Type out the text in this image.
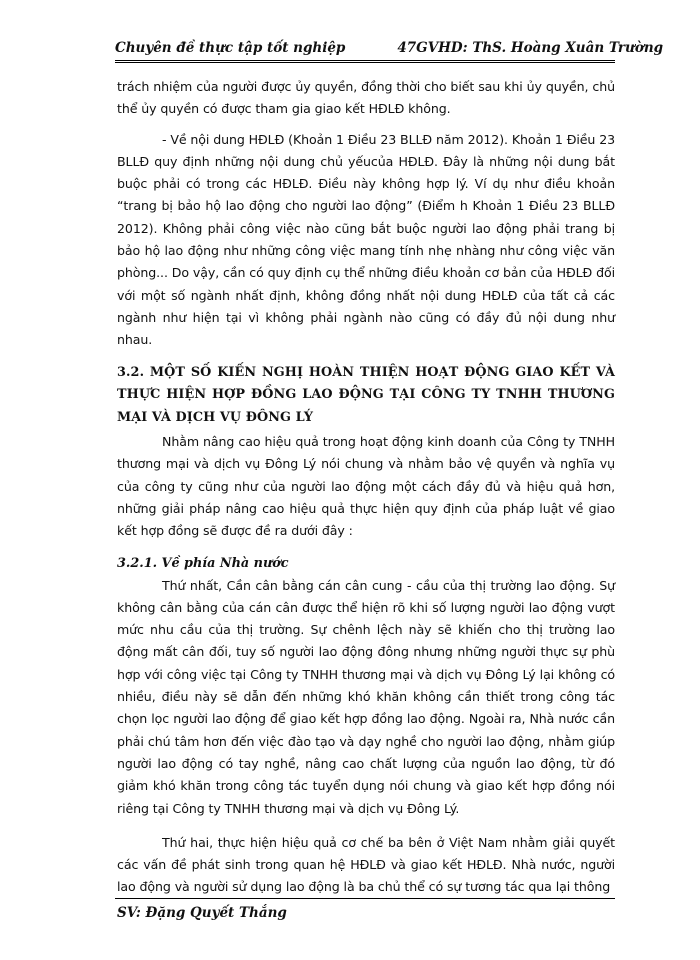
Chuyên đề thực tập tốt nghiệp	47 GVHD: ThS. Hoàng Xuân Trường

trách nhiệm của người được ủy quyền, đồng thời cho biết sau khi ủy quyền, chủ thể ủy quyền có được tham gia giao kết HĐLĐ không.

- Về nội dung HĐLĐ (Khoản 1 Điều 23 BLLĐ năm 2012). Khoản 1 Điều 23 BLLĐ quy định những nội dung chủ yếucủa HĐLĐ. Đây là những nội dung bắt buộc phải có trong các HĐLĐ. Điều này không hợp lý. Ví dụ như điều khoản “trang bị bảo hộ lao động cho người lao động” (Điểm h Khoản 1 Điều 23 BLLĐ 2012). Không phải công việc nào cũng bắt buộc người lao động phải trang bị bảo hộ lao động như những công việc mang tính nhẹ nhàng như công việc văn phòng... Do vậy, cần có quy định cụ thể những điều khoản cơ bản của HĐLĐ đối với một số ngành nhất định, không đồng nhất nội dung HĐLĐ của tất cả các ngành như hiện tại vì không phải ngành nào cũng có đầy đủ nội dung như nhau.

3.2. MỘT SỐ KIẾN NGHỊ HOÀN THIỆN HOẠT ĐỘNG GIAO KẾT VÀ THỰC HIỆN HỢP ĐỒNG LAO ĐỘNG TẠI CÔNG TY TNHH THƯƠNG MẠI VÀ DỊCH VỤ ĐÔNG LÝ

Nhằm nâng cao hiệu quả trong hoạt động kinh doanh của Công ty TNHH thương mại và dịch vụ Đông Lý nói chung và nhằm bảo vệ quyền và nghĩa vụ của công ty cũng như của người lao động một cách đầy đủ và hiệu quả hơn, những giải pháp nâng cao hiệu quả thực hiện quy định của pháp luật về giao kết hợp đồng sẽ được đề ra dưới đây :

3.2.1. Về phía Nhà nước

Thứ nhất, Cần cân bằng cán cân cung - cầu của thị trường lao động. Sự không cân bằng của cán cân được thể hiện rõ khi số lượng người lao động vượt mức nhu cầu của thị trường. Sự chênh lệch này sẽ khiến cho thị trường lao động mất cân đối, tuy số người lao động đông nhưng những người thực sự phù hợp với công việc tại Công ty TNHH thương mại và dịch vụ Đông Lý lại không có nhiều, điều này sẽ dẫn đến những khó khăn không cần thiết trong công tác chọn lọc người lao động để giao kết hợp đồng lao động. Ngoài ra, Nhà nước cần phải chú tâm hơn đến việc đào tạo và dạy nghề cho người lao động, nhằm giúp người lao động có tay nghề, nâng cao chất lượng của nguồn lao động, từ đó giảm khó khăn trong công tác tuyển dụng nói chung và giao kết hợp đồng nói riêng tại Công ty TNHH thương mại và dịch vụ Đông Lý.

Thứ hai, thực hiện hiệu quả cơ chế ba bên ở Việt Nam nhằm giải quyết các vấn đề phát sinh trong quan hệ HĐLĐ và giao kết HĐLĐ. Nhà nước, người lao động và người sử dụng lao động là ba chủ thể có sự tương tác qua lại thông

SV: Đặng Quyết Thắng
